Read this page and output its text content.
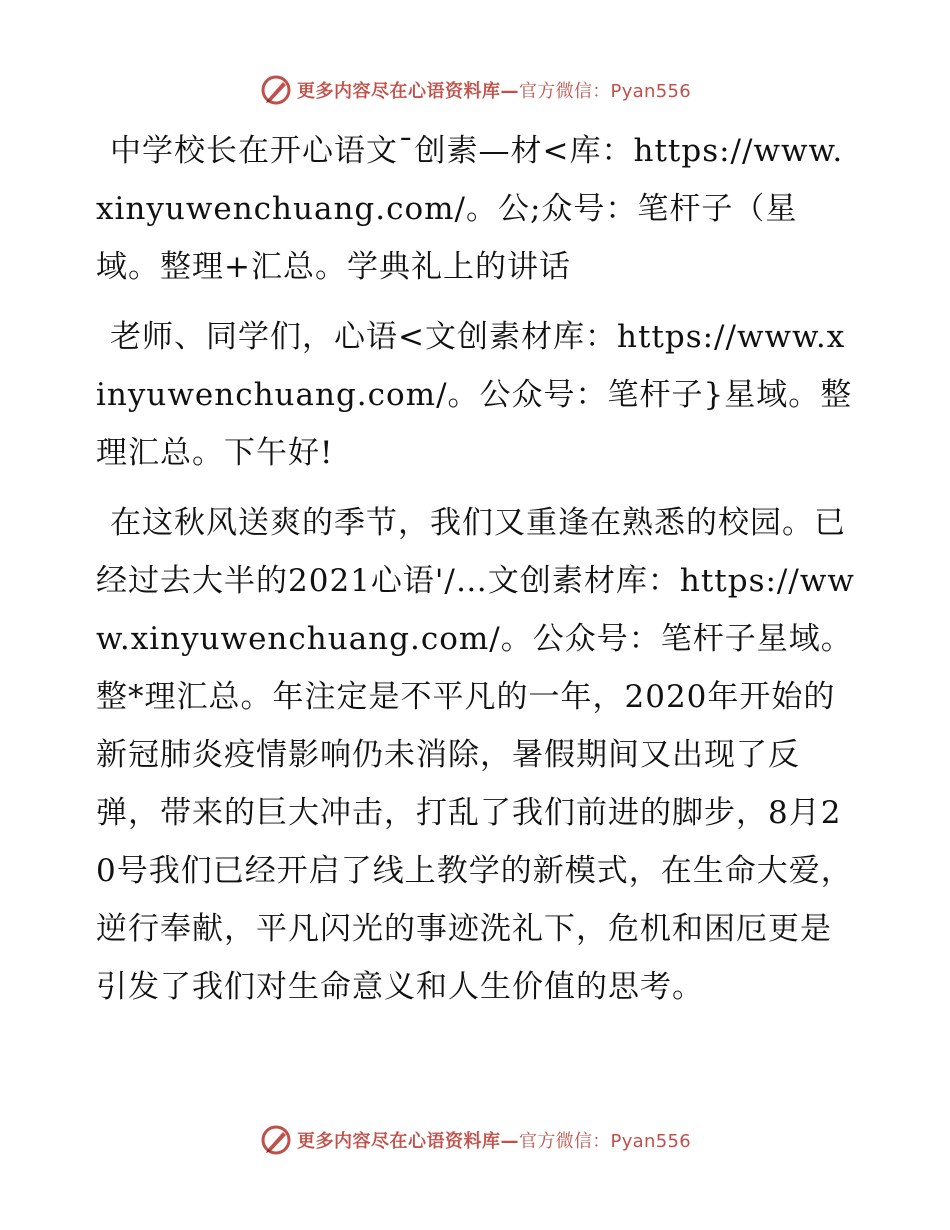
更多内容尽在心语资料库— 官方微信：Pyan556

中学校长在开心语文¯创素—材<库：https://www.xinyuwenchuang.com/。公;众号：笔杆子（星域。整理+汇总。学典礼上的讲话

老师、同学们，心语<文创素材库：https://www.xinyuwenchuang.com/。公众号：笔杆子}星域。整理汇总。下午好!

在这秋风送爽的季节，我们又重逢在熟悉的校园。已经过去大半的2021心语'/…文创素材库：https://www.xinyuwenchuang.com/。公众号：笔杆子星域。整*理汇总。年注定是不平凡的一年，2020年开始的新冠肺炎疫情影响仍未消除，暑假期间又出现了反弹，带来的巨大冲击，打乱了我们前进的脚步，8月20号我们已经开启了线上教学的新模式，在生命大爱，逆行奉献，平凡闪光的事迹洗礼下，危机和困厄更是引发了我们对生命意义和人生价值的思考。

更多内容尽在心语资料库— 官方微信：Pyan556
